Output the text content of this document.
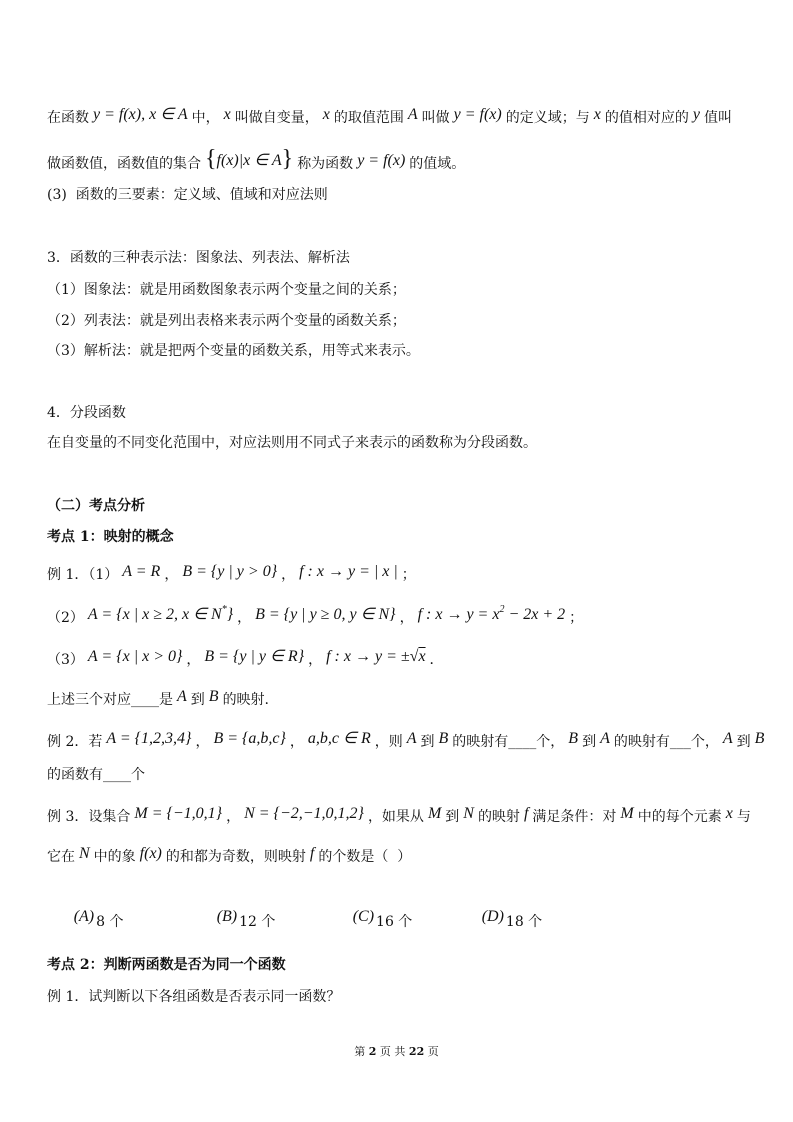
在函数 y = f(x), x ∈ A 中， x 叫做自变量， x 的取值范围 A 叫做 y = f(x) 的定义域；与 x 的值相对应的 y 值叫
做函数值，函数值的集合 {f(x)|x ∈ A} 称为函数 y = f(x) 的值域。
(3)  函数的三要素：定义域、值域和对应法则
3．函数的三种表示法：图象法、列表法、解析法
（1）图象法：就是用函数图象表示两个变量之间的关系；
（2）列表法：就是列出表格来表示两个变量的函数关系；
（3）解析法：就是把两个变量的函数关系，用等式来表示。
4．分段函数
在自变量的不同变化范围中，对应法则用不同式子来表示的函数称为分段函数。
（二）考点分析
考点 1：映射的概念
例 1．（1） A = R ， B = {y | y > 0} ， f : x → y = | x | ；
（2） A = {x | x ≥ 2, x ∈ N*} ， B = {y | y ≥ 0, y ∈ N} ， f : $x \to y = x^2 - 2x + 2$ ；
（3） A = {x | x > 0} ， B = {y | y ∈ R} ， f : x → y = ±√x ．
上述三个对应____是 A 到 B 的映射.
例 2．若 A = {1,2,3,4} ， B = {a,b,c} ， a,b,c ∈ R ，则 A 到 B 的映射有____个， B 到 A 的映射有___个， A 到 B
的函数有____个
例 3．设集合 M = {−1,0,1} ， N = {−2,−1,0,1,2} ，如果从 M 到 N 的映射 f 满足条件：对 M 中的每个元素 x 与
它在 N 中的象 f(x) 的和都为奇数，则映射 f 的个数是（  ）

(A) 8 个
	(B) 12 个
	(C) 16 个
	(D) 18 个

考点 2：判断两函数是否为同一个函数
例 1．试判断以下各组函数是否表示同一函数？
第 2 页 共 22 页
